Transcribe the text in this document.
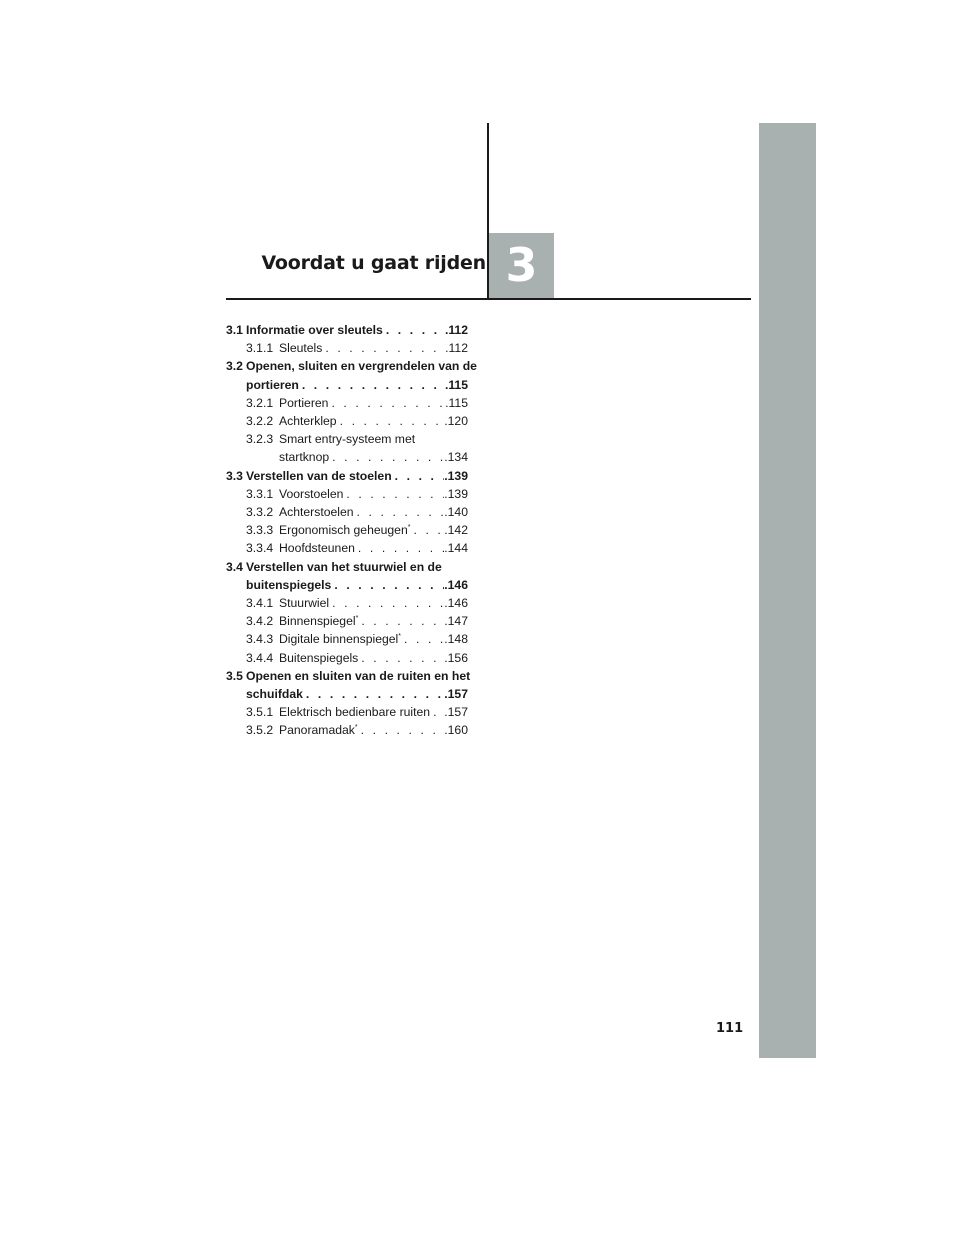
Voordat u gaat rijden 3
3.1 Informatie over sleutels . . .	.112
3.1.1 Sleutels . . .	.112
3.2 Openen, sluiten en vergrendelen van de
portieren . . .	.115
3.2.1 Portieren . . .	.115
3.2.2 Achterklep . . .	.120
3.2.3 Smart entry-systeem met
startknop . . .	.134
3.3 Verstellen van de stoelen . . .	.139
3.3.1 Voorstoelen . . .	.139
3.3.2 Achterstoelen . . .	.140
3.3.3 Ergonomisch geheugen* . . .	.142
3.3.4 Hoofdsteunen . . .	.144
3.4 Verstellen van het stuurwiel en de
buitenspiegels . . .	.146
3.4.1 Stuurwiel . . .	.146
3.4.2 Binnenspiegel* . . .	.147
3.4.3 Digitale binnenspiegel* . . .	.148
3.4.4 Buitenspiegels . . .	.156
3.5 Openen en sluiten van de ruiten en het
schuifdak . . .	.157
3.5.1 Elektrisch bedienbare ruiten . . . .157
3.5.2 Panoramadak* . . .	.160
111
